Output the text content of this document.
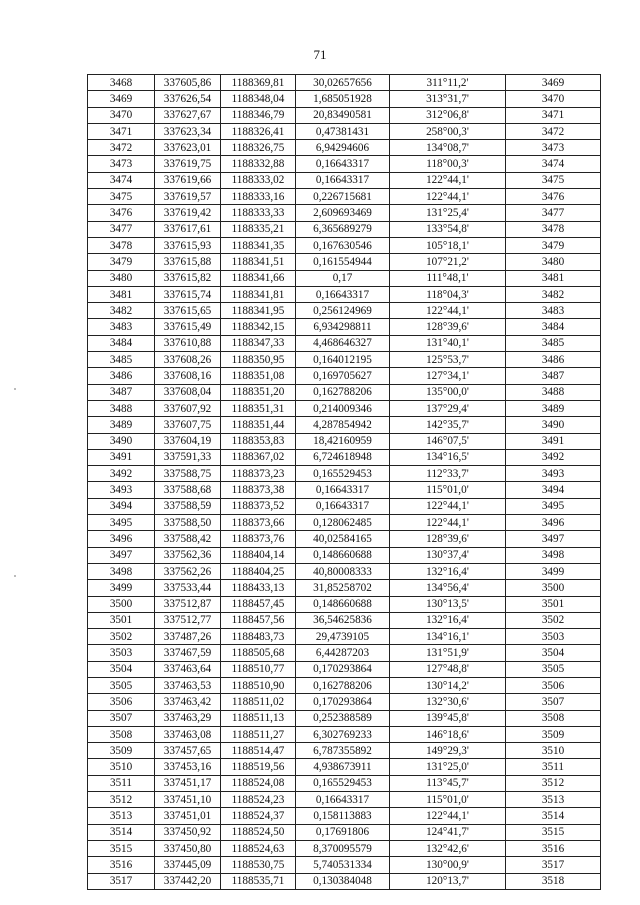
71
3468	337605,86	1188369,81	30,02657656	311°11,2'	3469
3469	337626,54	1188348,04	1,685051928	313°31,7'	3470
3470	337627,67	1188346,79	20,83490581	312°06,8'	3471
3471	337623,34	1188326,41	0,47381431	258°00,3'	3472
3472	337623,01	1188326,75	6,94294606	134°08,7'	3473
3473	337619,75	1188332,88	0,16643317	118°00,3'	3474
3474	337619,66	1188333,02	0,16643317	122°44,1'	3475
3475	337619,57	1188333,16	0,226715681	122°44,1'	3476
3476	337619,42	1188333,33	2,609693469	131°25,4'	3477
3477	337617,61	1188335,21	6,365689279	133°54,8'	3478
3478	337615,93	1188341,35	0,167630546	105°18,1'	3479
3479	337615,88	1188341,51	0,161554944	107°21,2'	3480
3480	337615,82	1188341,66	0,17	111°48,1'	3481
3481	337615,74	1188341,81	0,16643317	118°04,3'	3482
3482	337615,65	1188341,95	0,256124969	122°44,1'	3483
3483	337615,49	1188342,15	6,934298811	128°39,6'	3484
3484	337610,88	1188347,33	4,468646327	131°40,1'	3485
3485	337608,26	1188350,95	0,164012195	125°53,7'	3486
3486	337608,16	1188351,08	0,169705627	127°34,1'	3487
3487	337608,04	1188351,20	0,162788206	135°00,0'	3488
3488	337607,92	1188351,31	0,214009346	137°29,4'	3489
3489	337607,75	1188351,44	4,287854942	142°35,7'	3490
3490	337604,19	1188353,83	18,42160959	146°07,5'	3491
3491	337591,33	1188367,02	6,724618948	134°16,5'	3492
3492	337588,75	1188373,23	0,165529453	112°33,7'	3493
3493	337588,68	1188373,38	0,16643317	115°01,0'	3494
3494	337588,59	1188373,52	0,16643317	122°44,1'	3495
3495	337588,50	1188373,66	0,128062485	122°44,1'	3496
3496	337588,42	1188373,76	40,02584165	128°39,6'	3497
3497	337562,36	1188404,14	0,148660688	130°37,4'	3498
3498	337562,26	1188404,25	40,80008333	132°16,4'	3499
3499	337533,44	1188433,13	31,85258702	134°56,4'	3500
3500	337512,87	1188457,45	0,148660688	130°13,5'	3501
3501	337512,77	1188457,56	36,54625836	132°16,4'	3502
3502	337487,26	1188483,73	29,4739105	134°16,1'	3503
3503	337467,59	1188505,68	6,44287203	131°51,9'	3504
3504	337463,64	1188510,77	0,170293864	127°48,8'	3505
3505	337463,53	1188510,90	0,162788206	130°14,2'	3506
3506	337463,42	1188511,02	0,170293864	132°30,6'	3507
3507	337463,29	1188511,13	0,252388589	139°45,8'	3508
3508	337463,08	1188511,27	6,302769233	146°18,6'	3509
3509	337457,65	1188514,47	6,787355892	149°29,3'	3510
3510	337453,16	1188519,56	4,938673911	131°25,0'	3511
3511	337451,17	1188524,08	0,165529453	113°45,7'	3512
3512	337451,10	1188524,23	0,16643317	115°01,0'	3513
3513	337451,01	1188524,37	0,158113883	122°44,1'	3514
3514	337450,92	1188524,50	0,17691806	124°41,7'	3515
3515	337450,80	1188524,63	8,370095579	132°42,6'	3516
3516	337445,09	1188530,75	5,740531334	130°00,9'	3517
3517	337442,20	1188535,71	0,130384048	120°13,7'	3518
